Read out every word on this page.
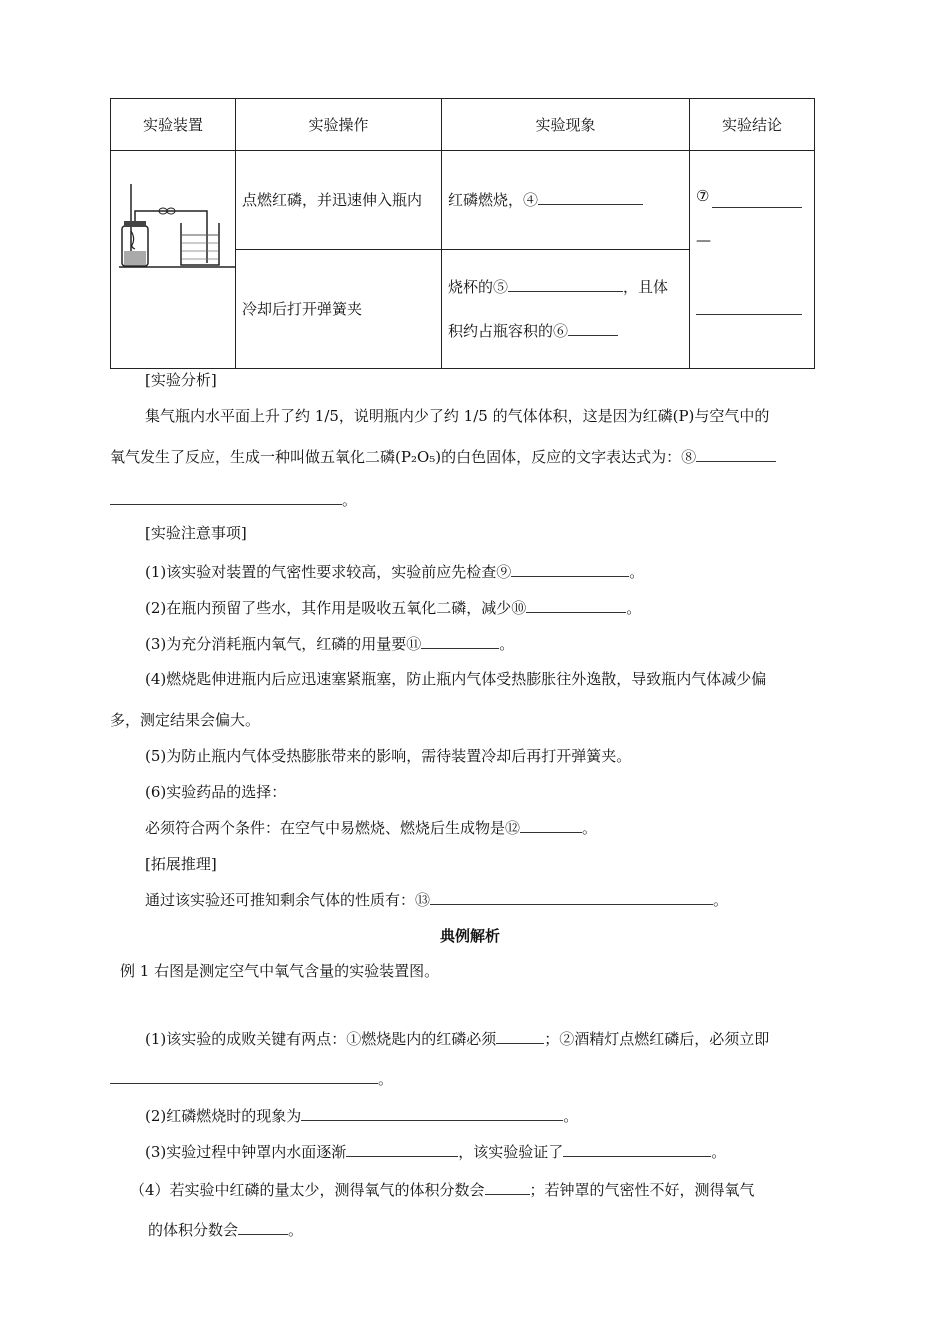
实验装置	实验操作	实验现象	实验结论

点燃红磷，并迅速伸入瓶内	红磷燃烧，④	⑦
—

	冷却后打开弹簧夹	烧杯的⑤ ，且体
积约占瓶容积的⑥	
[实验分析]
集气瓶内水平面上升了约 1/5，说明瓶内少了约 1/5 的气体体积，这是因为红磷(P)与空气中的
氧气发生了反应，生成一种叫做五氧化二磷(P₂O₅)的白色固体，反应的文字表达式为：⑧
。
[实验注意事项]
(1)该实验对装置的气密性要求较高，实验前应先检查⑨	。
(2)在瓶内预留了些水，其作用是吸收五氧化二磷，减少⑩	。
(3)为充分消耗瓶内氧气，红磷的用量要⑪	。
(4)燃烧匙伸进瓶内后应迅速塞紧瓶塞，防止瓶内气体受热膨胀往外逸散，导致瓶内气体减少偏
多，测定结果会偏大。
(5)为防止瓶内气体受热膨胀带来的影响，需待装置冷却后再打开弹簧夹。
(6)实验药品的选择：
必须符合两个条件：在空气中易燃烧、燃烧后生成物是⑫	。
[拓展推理]
通过该实验还可推知剩余气体的性质有：⑬	。
典例解析
例 1 右图是测定空气中氧气含量的实验装置图。
(1)该实验的成败关键有两点：①燃烧匙内的红磷必须	；②酒精灯点燃红磷后，必须立即
。
(2)红磷燃烧时的现象为	。
(3)实验过程中钟罩内水面逐渐	，该实验验证了	。
（4）若实验中红磷的量太少，测得氧气的体积分数会	；若钟罩的气密性不好，测得氧气
的体积分数会	。
